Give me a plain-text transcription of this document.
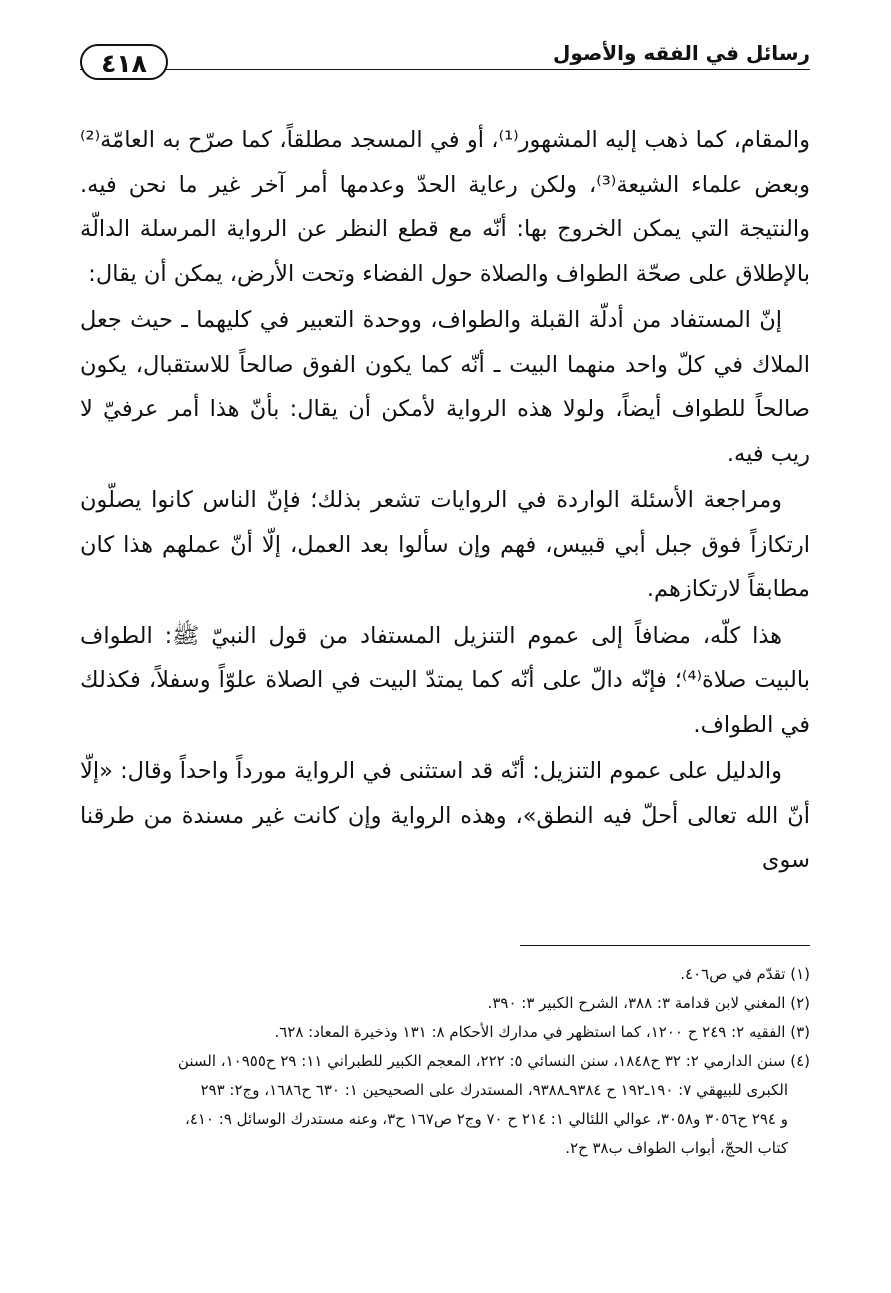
٤١٨	رسائل في الفقه والأصول

والمقام، كما ذهب إليه المشهور⁽¹⁾، أو في المسجد مطلقاً، كما صرّح به العامّة⁽²⁾ وبعض علماء الشيعة⁽³⁾، ولكن رعاية الحدّ وعدمها أمر آخر غير ما نحن فيه. والنتيجة التي يمكن الخروج بها: أنّه مع قطع النظر عن الرواية المرسلة الدالّة بالإطلاق على صحّة الطواف والصلاة حول الفضاء وتحت الأرض، يمكن أن يقال:

إنّ المستفاد من أدلّة القبلة والطواف، ووحدة التعبير في كليهما ـ حيث جعل الملاك في كلّ واحد منهما البيت ـ أنّه كما يكون الفوق صالحاً للاستقبال، يكون صالحاً للطواف أيضاً، ولولا هذه الرواية لأمكن أن يقال: بأنّ هذا أمر عرفيّ لا ريب فيه.

ومراجعة الأسئلة الواردة في الروايات تشعر بذلك؛ فإنّ الناس كانوا يصلّون ارتكازاً فوق جبل أبي قبيس، فهم وإن سألوا بعد العمل، إلّا أنّ عملهم هذا كان مطابقاً لارتكازهم.

هذا كلّه، مضافاً إلى عموم التنزيل المستفاد من قول النبيّ ﷺ: الطواف بالبيت صلاة⁽⁴⁾؛ فإنّه دالّ على أنّه كما يمتدّ البيت في الصلاة علوّاً وسفلاً، فكذلك في الطواف.

والدليل على عموم التنزيل: أنّه قد استثنى في الرواية مورداً واحداً وقال: «إلّا أنّ الله تعالى أحلّ فيه النطق»، وهذه الرواية وإن كانت غير مسندة من طرقنا سوى

(١) تقدّم في ص٤٠٦.

(٢) المغني لابن قدامة ٣: ٣٨٨، الشرح الكبير ٣: ٣٩٠.

(٣) الفقيه ٢: ٢٤٩ ح ١٢٠٠، كما استظهر في مدارك الأحكام ٨: ١٣١ وذخيرة المعاد: ٦٢٨.

(٤) سنن الدارمي ٢: ٣٢ ح١٨٤٨، سنن النسائي ٥: ٢٢٢، المعجم الكبير للطبراني ١١: ٢٩ ح١٠٩٥٥، السنن

الكبرى للبيهقي ٧: ١٩٠ـ١٩٢ ح ٩٣٨٤ـ٩٣٨٨، المستدرك على الصحيحين ١: ٦٣٠ ح١٦٨٦، وج٢: ٢٩٣

و ٢٩٤ ح٣٠٥٦ و٣٠٥٨، عوالي اللئالي ١: ٢١٤ ح ٧٠ وج٢ ص١٦٧ ح٣، وعنه مستدرك الوسائل ٩: ٤١٠،

كتاب الحجّ، أبواب الطواف ب٣٨ ح٢.
